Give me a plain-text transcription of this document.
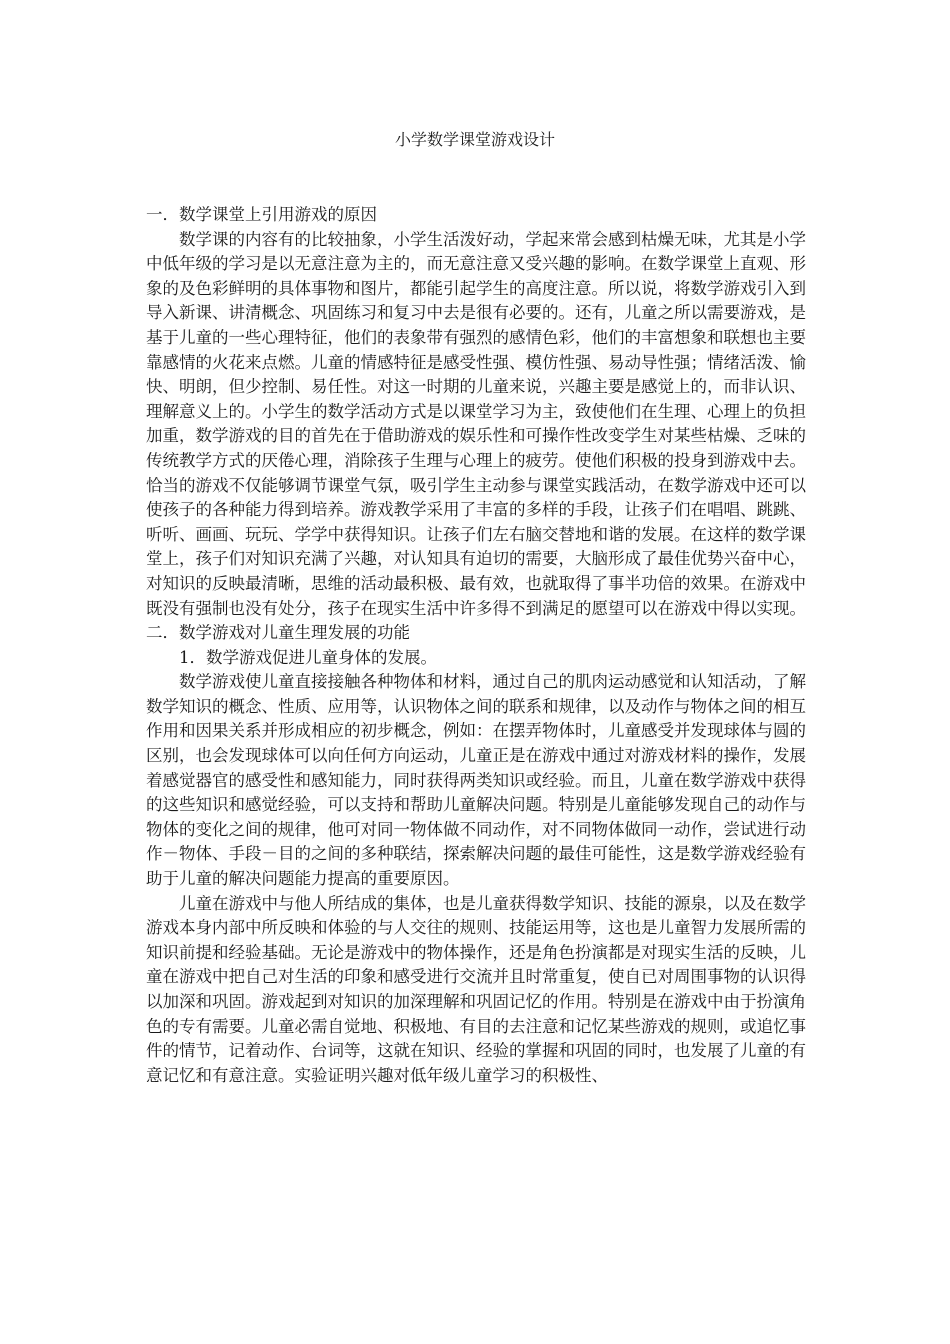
小学数学课堂游戏设计

一．数学课堂上引用游戏的原因

数学课的内容有的比较抽象，小学生活泼好动，学起来常会感到枯燥无味，尤其是小学中低年级的学习是以无意注意为主的，而无意注意又受兴趣的影响。在数学课堂上直观、形象的及色彩鲜明的具体事物和图片，都能引起学生的高度注意。所以说，将数学游戏引入到导入新课、讲清概念、巩固练习和复习中去是很有必要的。还有，儿童之所以需要游戏，是基于儿童的一些心理特征，他们的表象带有强烈的感情色彩，他们的丰富想象和联想也主要靠感情的火花来点燃。儿童的情感特征是感受性强、模仿性强、易动导性强；情绪活泼、愉快、明朗，但少控制、易任性。对这一时期的儿童来说，兴趣主要是感觉上的，而非认识、理解意义上的。小学生的数学活动方式是以课堂学习为主，致使他们在生理、心理上的负担加重，数学游戏的目的首先在于借助游戏的娱乐性和可操作性改变学生对某些枯燥、乏味的传统教学方式的厌倦心理，消除孩子生理与心理上的疲劳。使他们积极的投身到游戏中去。恰当的游戏不仅能够调节课堂气氛，吸引学生主动参与课堂实践活动，在数学游戏中还可以使孩子的各种能力得到培养。游戏教学采用了丰富的多样的手段，让孩子们在唱唱、跳跳、听听、画画、玩玩、学学中获得知识。让孩子们左右脑交替地和谐的发展。在这样的数学课堂上，孩子们对知识充满了兴趣，对认知具有迫切的需要，大脑形成了最佳优势兴奋中心，对知识的反映最清晰，思维的活动最积极、最有效，也就取得了事半功倍的效果。在游戏中既没有强制也没有处分，孩子在现实生活中许多得不到满足的愿望可以在游戏中得以实现。

二．数学游戏对儿童生理发展的功能

1．数学游戏促进儿童身体的发展。

数学游戏使儿童直接接触各种物体和材料，通过自己的肌肉运动感觉和认知活动，了解数学知识的概念、性质、应用等，认识物体之间的联系和规律，以及动作与物体之间的相互作用和因果关系并形成相应的初步概念，例如：在摆弄物体时，儿童感受并发现球体与圆的区别，也会发现球体可以向任何方向运动，儿童正是在游戏中通过对游戏材料的操作，发展着感觉器官的感受性和感知能力，同时获得两类知识或经验。而且，儿童在数学游戏中获得的这些知识和感觉经验，可以支持和帮助儿童解决问题。特别是儿童能够发现自己的动作与物体的变化之间的规律，他可对同一物体做不同动作，对不同物体做同一动作，尝试进行动作－物体、手段－目的之间的多种联结，探索解决问题的最佳可能性，这是数学游戏经验有助于儿童的解决问题能力提高的重要原因。

儿童在游戏中与他人所结成的集体，也是儿童获得数学知识、技能的源泉，以及在数学游戏本身内部中所反映和体验的与人交往的规则、技能运用等，这也是儿童智力发展所需的知识前提和经验基础。无论是游戏中的物体操作，还是角色扮演都是对现实生活的反映，儿童在游戏中把自己对生活的印象和感受进行交流并且时常重复，使自已对周围事物的认识得以加深和巩固。游戏起到对知识的加深理解和巩固记忆的作用。特别是在游戏中由于扮演角色的专有需要。儿童必需自觉地、积极地、有目的去注意和记忆某些游戏的规则，或追忆事件的情节，记着动作、台词等，这就在知识、经验的掌握和巩固的同时，也发展了儿童的有意记忆和有意注意。实验证明兴趣对低年级儿童学习的积极性、
